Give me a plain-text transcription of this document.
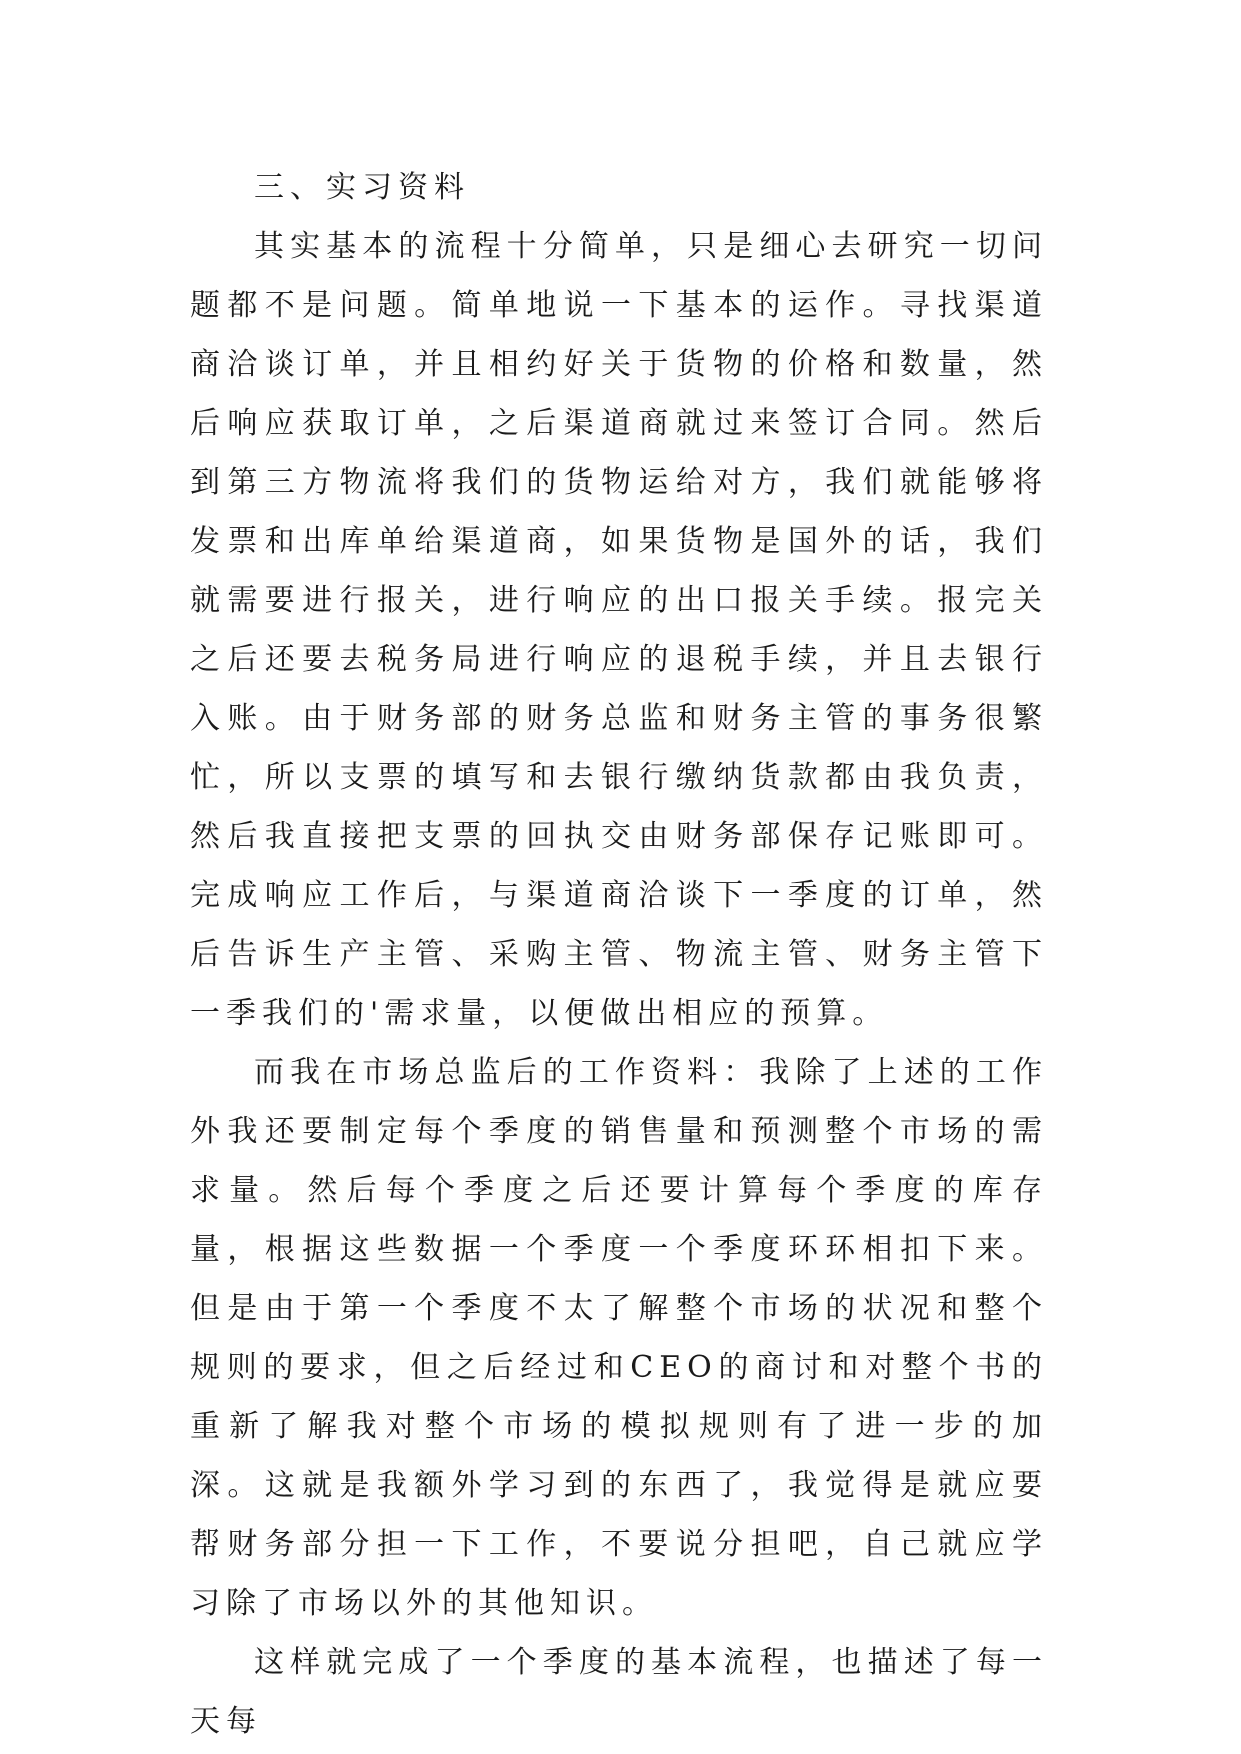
三、实习资料

其实基本的流程十分简单，只是细心去研究一切问题都不是问题。简单地说一下基本的运作。寻找渠道商洽谈订单，并且相约好关于货物的价格和数量，然后响应获取订单，之后渠道商就过来签订合同。然后到第三方物流将我们的货物运给对方，我们就能够将发票和出库单给渠道商，如果货物是国外的话，我们就需要进行报关，进行响应的出口报关手续。报完关之后还要去税务局进行响应的退税手续，并且去银行入账。由于财务部的财务总监和财务主管的事务很繁忙，所以支票的填写和去银行缴纳货款都由我负责，然后我直接把支票的回执交由财务部保存记账即可。完成响应工作后，与渠道商洽谈下一季度的订单，然后告诉生产主管、采购主管、物流主管、财务主管下一季我们的'需求量，以便做出相应的预算。

而我在市场总监后的工作资料：我除了上述的工作外我还要制定每个季度的销售量和预测整个市场的需求量。然后每个季度之后还要计算每个季度的库存量，根据这些数据一个季度一个季度环环相扣下来。但是由于第一个季度不太了解整个市场的状况和整个规则的要求，但之后经过和CEO的商讨和对整个书的重新了解我对整个市场的模拟规则有了进一步的加深。这就是我额外学习到的东西了，我觉得是就应要帮财务部分担一下工作，不要说分担吧，自己就应学习除了市场以外的其他知识。

这样就完成了一个季度的基本流程，也描述了每一天每
